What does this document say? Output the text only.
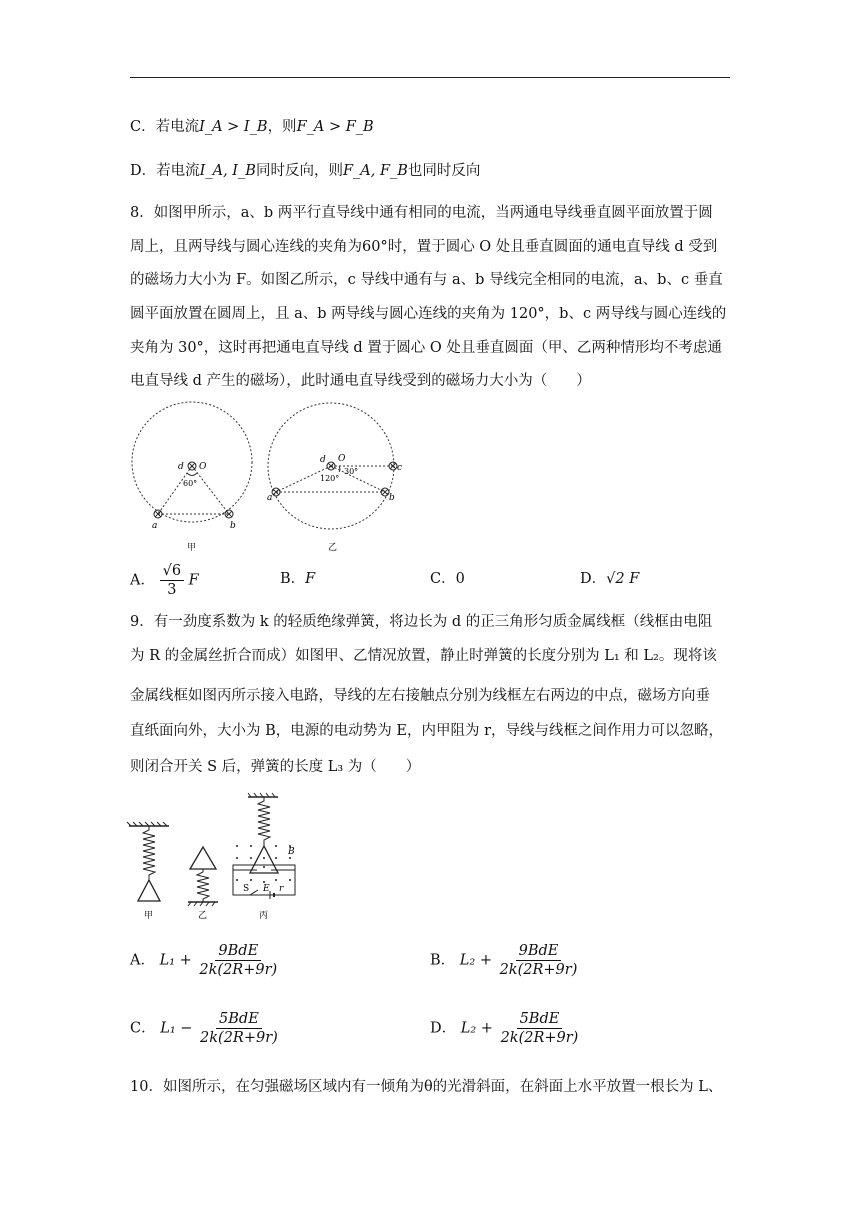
C．若电流I_A > I_B，则F_A > F_B
D．若电流I_A, I_B同时反向，则F_A, F_B也同时反向
8．如图甲所示，a、b 两平行直导线中通有相同的电流，当两通电导线垂直圆平面放置于圆
周上，且两导线与圆心连线的夹角为60°时，置于圆心 O 处且垂直圆面的通电直导线 d 受到
的磁场力大小为 F。如图乙所示，c 导线中通有与 a、b 导线完全相同的电流，a、b、c 垂直
圆平面放置在圆周上，且 a、b 两导线与圆心连线的夹角为 120°，b、c 两导线与圆心连线的
夹角为 30°，这时再把通电直导线 d 置于圆心 O 处且垂直圆面（甲、乙两种情形均不考虑通
电直导线 d 产生的磁场），此时通电直导线受到的磁场力大小为（　　）
d O
60°
a	b
甲
d O
30°
120°
a	b
c
乙
A． $\frac{√6}{3}$ F	B．F	C．0	D．√2 F
9．有一劲度系数为 k 的轻质绝缘弹簧，将边长为 d 的正三角形匀质金属线框（线框由电阻
为 R 的金属丝折合而成）如图甲、乙情况放置，静止时弹簧的长度分别为 L₁ 和 L₂。现将该
金属线框如图丙所示接入电路，导线的左右接触点分别为线框左右两边的中点，磁场方向垂
直纸面向外，大小为 B，电源的电动势为 E，内甲阻为 r，导线与线框之间作用力可以忽略，
则闭合开关 S 后，弹簧的长度 L₃ 为（　　）
甲	乙
B
S E r
丙
A． $L_1 + \frac{\text{9BdE}}{2k(2R+9r)}$	B． $L_2 + \frac{\text{9BdE}}{2k(2R+9r)}$
C． $L_1 - \frac{\text{5BdE}}{2k(2R+9r)}$	D． $L_2 + \frac{\text{5BdE}}{2k(2R+9r)}$
10．如图所示，在匀强磁场区域内有一倾角为θ的光滑斜面，在斜面上水平放置一根长为 L、
